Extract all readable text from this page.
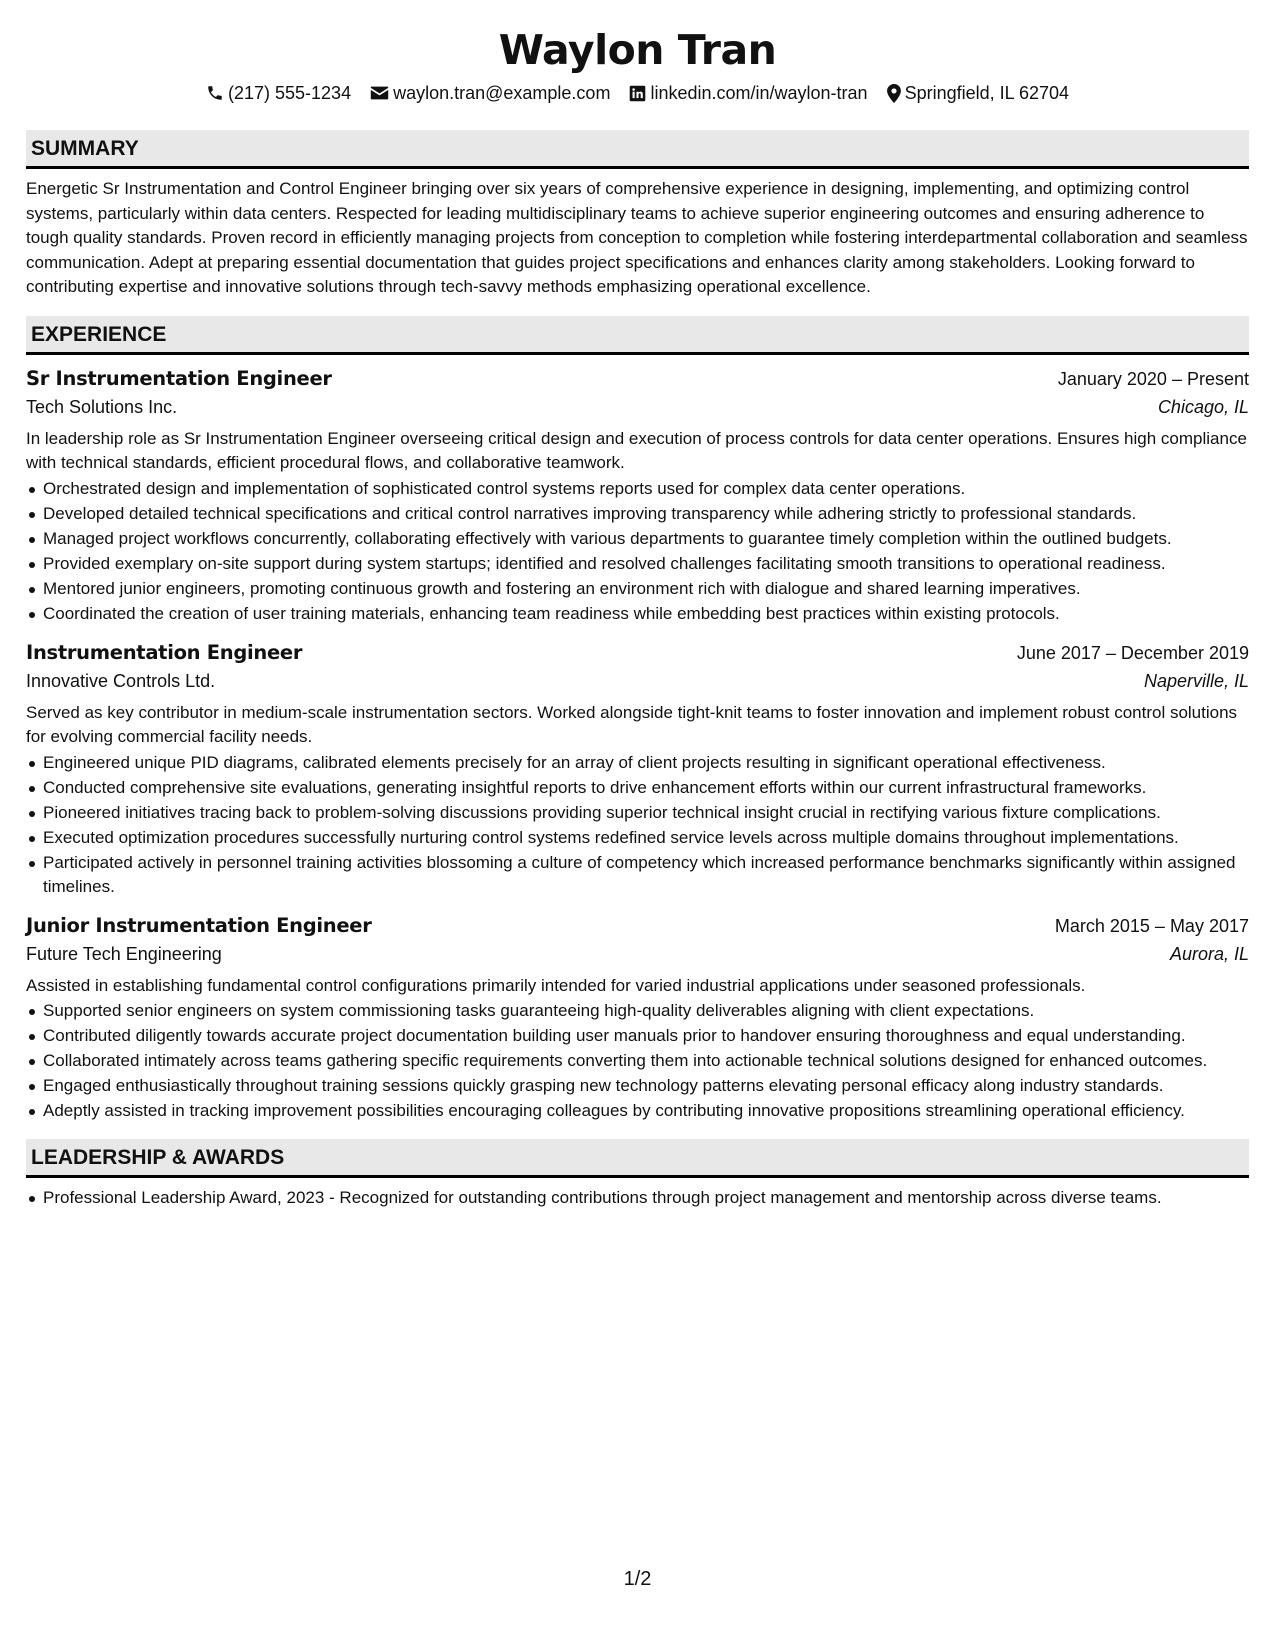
Waylon Tran
(217) 555-1234 waylon.tran@example.com linkedin.com/in/waylon-tran Springfield, IL 62704
SUMMARY

Energetic Sr Instrumentation and Control Engineer bringing over six years of comprehensive experience in designing, implementing, and optimizing control systems, particularly within data centers. Respected for leading multidisciplinary teams to achieve superior engineering outcomes and ensuring adherence to tough quality standards. Proven record in efficiently managing projects from conception to completion while fostering interdepartmental collaboration and seamless communication. Adept at preparing essential documentation that guides project specifications and enhances clarity among stakeholders. Looking forward to contributing expertise and innovative solutions through tech-savvy methods emphasizing operational excellence.

EXPERIENCE
Sr Instrumentation Engineer	January 2020 – Present
Tech Solutions Inc.	Chicago, IL

In leadership role as Sr Instrumentation Engineer overseeing critical design and execution of process controls for data center operations. Ensures high compliance with technical standards, efficient procedural flows, and collaborative teamwork.

Orchestrated design and implementation of sophisticated control systems reports used for complex data center operations.
Developed detailed technical specifications and critical control narratives improving transparency while adhering strictly to professional standards.
Managed project workflows concurrently, collaborating effectively with various departments to guarantee timely completion within the outlined budgets.
Provided exemplary on-site support during system startups; identified and resolved challenges facilitating smooth transitions to operational readiness.
Mentored junior engineers, promoting continuous growth and fostering an environment rich with dialogue and shared learning imperatives.
Coordinated the creation of user training materials, enhancing team readiness while embedding best practices within existing protocols.
Instrumentation Engineer	June 2017 – December 2019
Innovative Controls Ltd.	Naperville, IL

Served as key contributor in medium-scale instrumentation sectors. Worked alongside tight-knit teams to foster innovation and implement robust control solutions for evolving commercial facility needs.

Engineered unique PID diagrams, calibrated elements precisely for an array of client projects resulting in significant operational effectiveness.
Conducted comprehensive site evaluations, generating insightful reports to drive enhancement efforts within our current infrastructural frameworks.
Pioneered initiatives tracing back to problem-solving discussions providing superior technical insight crucial in rectifying various fixture complications.
Executed optimization procedures successfully nurturing control systems redefined service levels across multiple domains throughout implementations.
Participated actively in personnel training activities blossoming a culture of competency which increased performance benchmarks significantly within assigned timelines.
Junior Instrumentation Engineer	March 2015 – May 2017
Future Tech Engineering	Aurora, IL

Assisted in establishing fundamental control configurations primarily intended for varied industrial applications under seasoned professionals.

Supported senior engineers on system commissioning tasks guaranteeing high-quality deliverables aligning with client expectations.
Contributed diligently towards accurate project documentation building user manuals prior to handover ensuring thoroughness and equal understanding.
Collaborated intimately across teams gathering specific requirements converting them into actionable technical solutions designed for enhanced outcomes.
Engaged enthusiastically throughout training sessions quickly grasping new technology patterns elevating personal efficacy along industry standards.
Adeptly assisted in tracking improvement possibilities encouraging colleagues by contributing innovative propositions streamlining operational efficiency.
LEADERSHIP & AWARDS
Professional Leadership Award, 2023 - Recognized for outstanding contributions through project management and mentorship across diverse teams.
1/2
